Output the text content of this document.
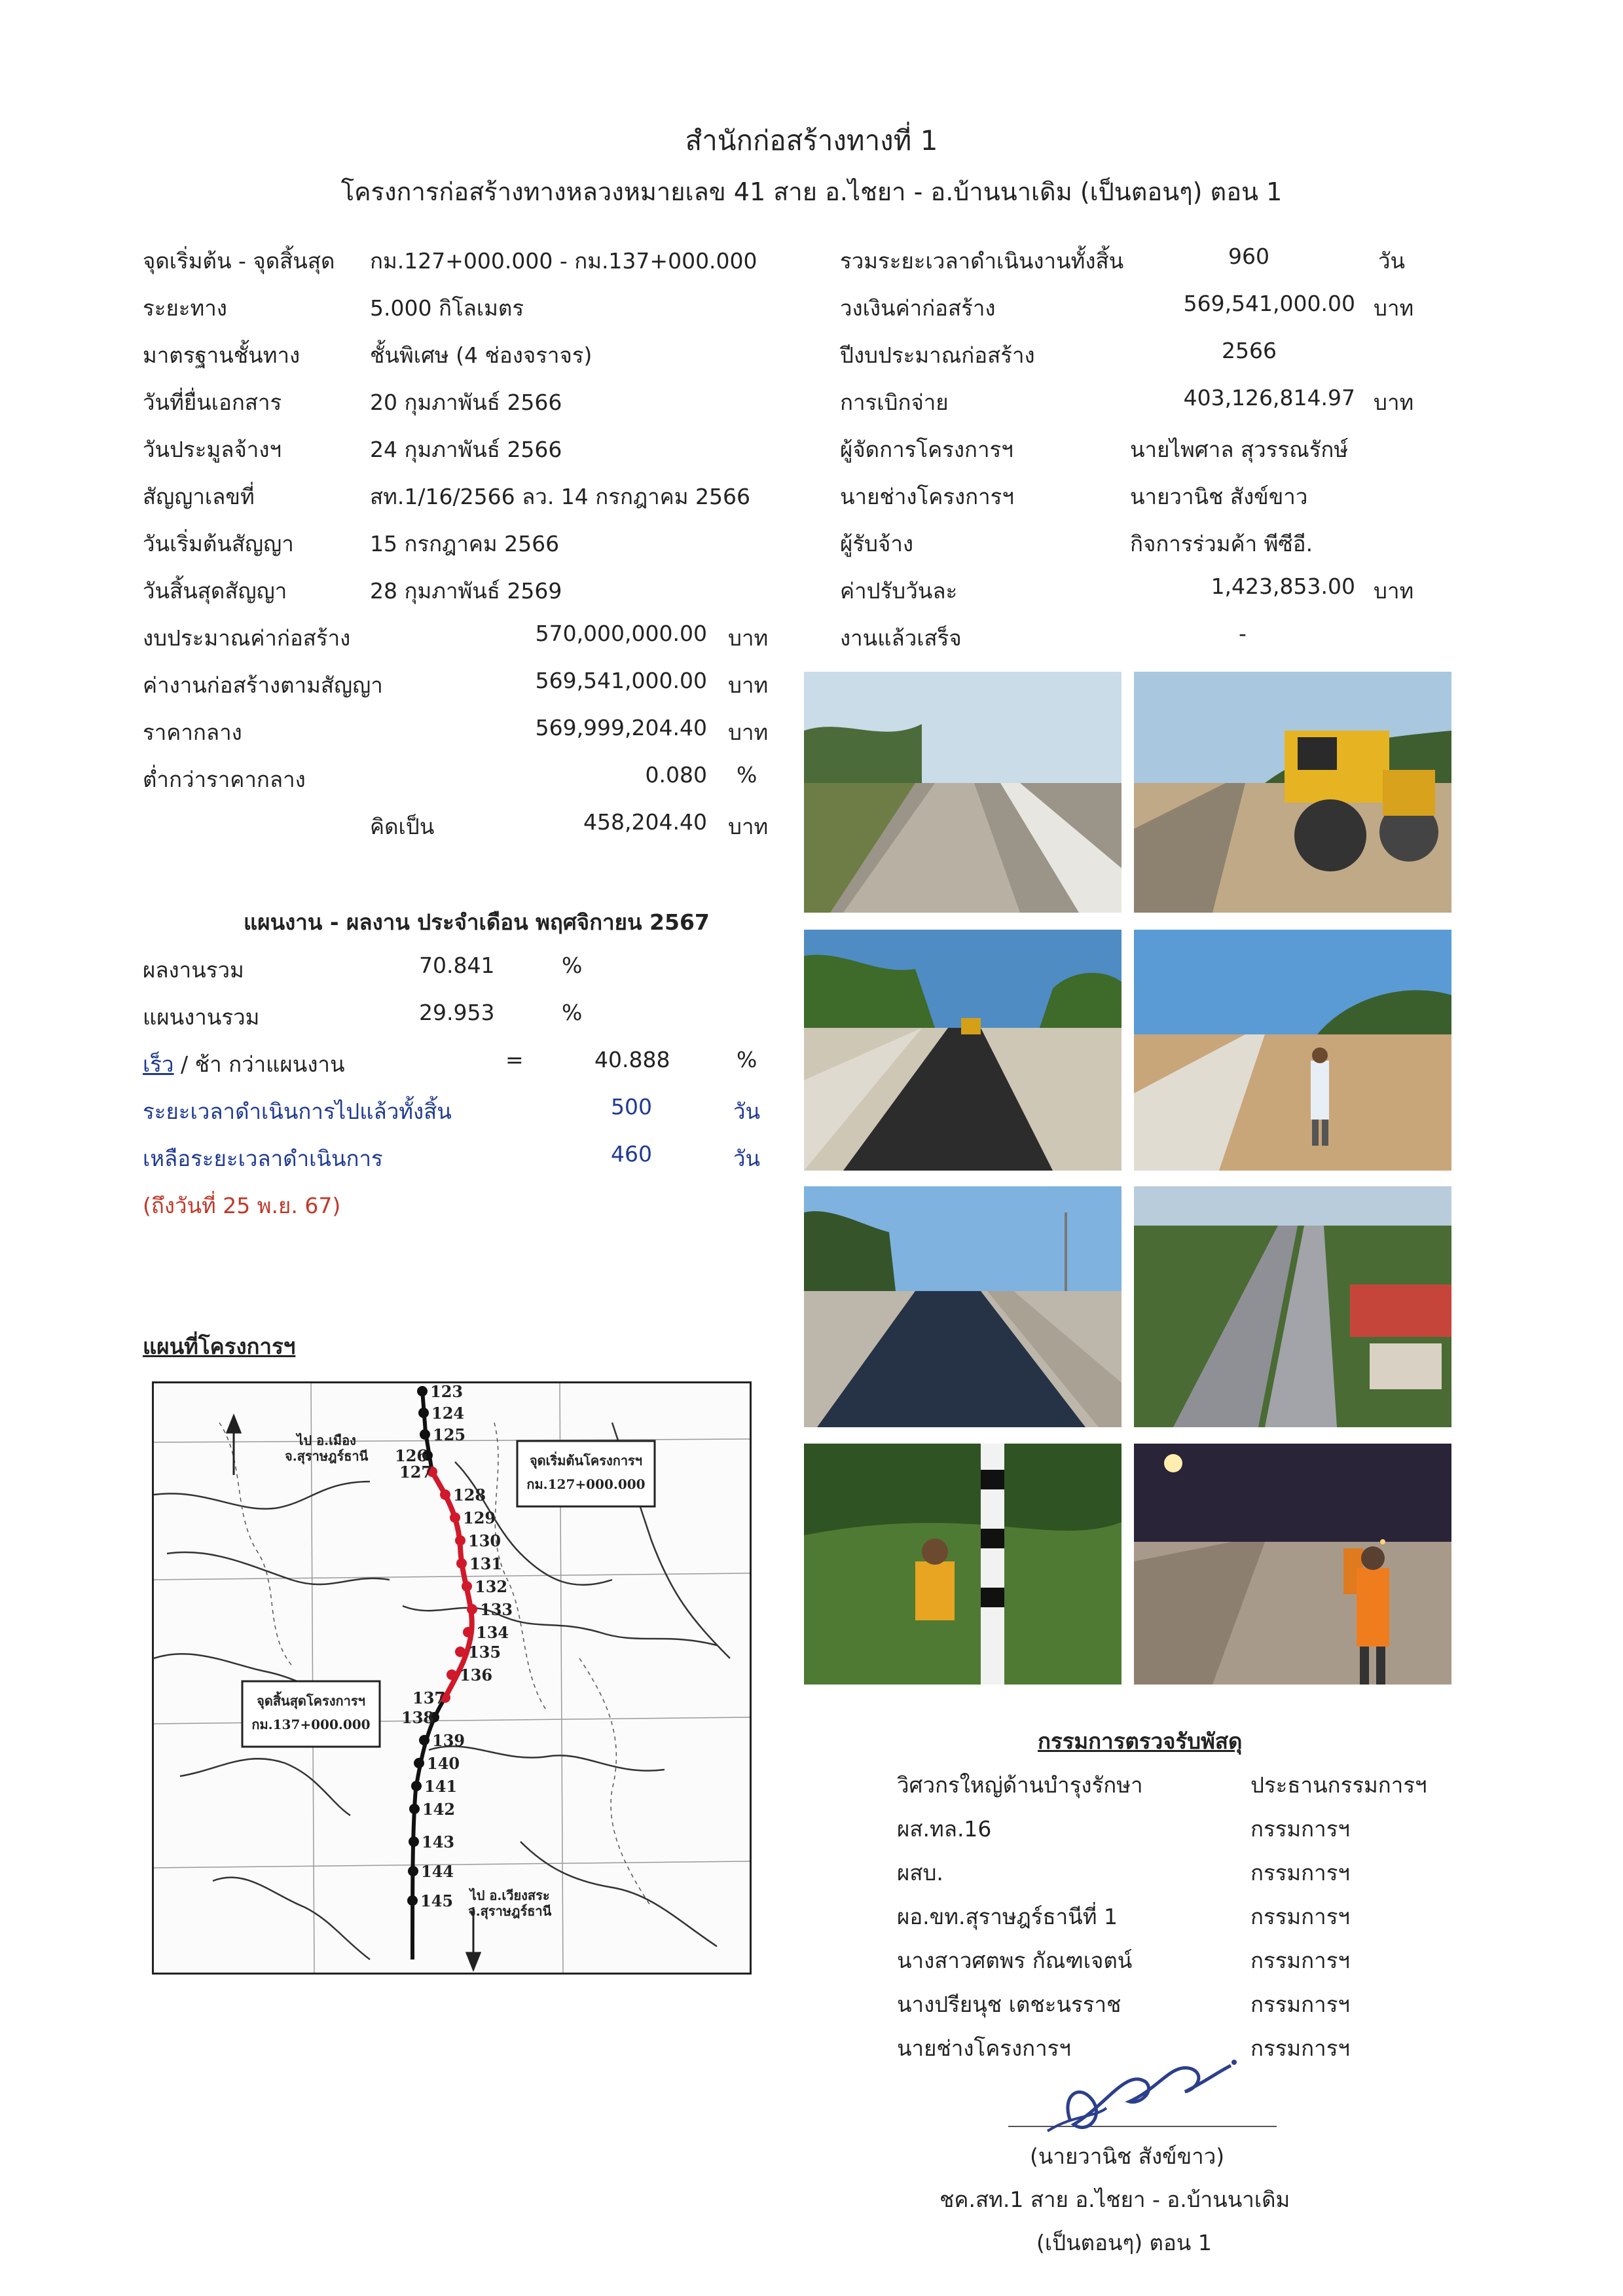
สำนักก่อสร้างทางที่ 1
โครงการก่อสร้างทางหลวงหมายเลข 41 สาย อ.ไชยา - อ.บ้านนาเดิม (เป็นตอนๆ) ตอน 1
จุดเริ่มต้น - จุดสิ้นสุด กม.127+000.000 - กม.137+000.000
ระยะทาง	5.000 กิโลเมตร
มาตรฐานชั้นทาง	ชั้นพิเศษ (4 ช่องจราจร)
วันที่ยื่นเอกสาร	20 กุมภาพันธ์ 2566
วันประมูลจ้างฯ	24 กุมภาพันธ์ 2566
สัญญาเลขที่	สท.1/16/2566 ลว. 14 กรกฎาคม 2566
วันเริ่มต้นสัญญา	15 กรกฎาคม 2566
วันสิ้นสุดสัญญา	28 กุมภาพันธ์ 2569
งบประมาณค่าก่อสร้าง	570,000,000.00 บาท
ค่างานก่อสร้างตามสัญญา	569,541,000.00 บาท
ราคากลาง	569,999,204.40 บาท
ต่ำกว่าราคากลาง	0.080 %
คิดเป็น	458,204.40 บาท
รวมระยะเวลาดำเนินงานทั้งสิ้น	960	วัน
วงเงินค่าก่อสร้าง	569,541,000.00 บาท
ปีงบประมาณก่อสร้าง	2566
การเบิกจ่าย	403,126,814.97 บาท
ผู้จัดการโครงการฯ	นายไพศาล สุวรรณรักษ์
นายช่างโครงการฯ	นายวานิช สังข์ขาว
ผู้รับจ้าง	กิจการร่วมค้า พีซีอี.
ค่าปรับวันละ	1,423,853.00 บาท
งานแล้วเสร็จ	-
แผนงาน - ผลงาน ประจำเดือน พฤศจิกายน 2567
ผลงานรวม	70.841	%
แผนงานรวม	29.953	%
เร็ว / ช้า กว่าแผนงาน	=	40.888	%
ระยะเวลาดำเนินการไปแล้วทั้งสิ้น	500	วัน
เหลือระยะเวลาดำเนินการ	460	วัน
(ถึงวันที่ 25 พ.ย. 67)
แผนที่โครงการฯ
ไป อ.เมือง
จ.สุราษฎร์ธานี
ไป อ.เวียงสระ
จ.สุราษฎร์ธานี
จุดเริ่มต้นโครงการฯ
กม.127+000.000
จุดสิ้นสุดโครงการฯ
กม.137+000.000
123
124
125
126
127
128
129
130
131
132
133
134
135
136
137
138
139
140
141
142
143
144
145
กรรมการตรวจรับพัสดุ
วิศวกรใหญ่ด้านบำรุงรักษา	ประธานกรรมการฯ
ผส.ทล.16	กรรมการฯ
ผสบ.	กรรมการฯ
ผอ.ขท.สุราษฎร์ธานีที่ 1	กรรมการฯ
นางสาวศตพร กัณฑเจตน์	กรรมการฯ
นางปรียนุช เตชะนรราช	กรรมการฯ
นายช่างโครงการฯ	กรรมการฯ
(นายวานิช สังข์ขาว)
ชค.สท.1 สาย อ.ไชยา - อ.บ้านนาเดิม
(เป็นตอนๆ) ตอน 1
